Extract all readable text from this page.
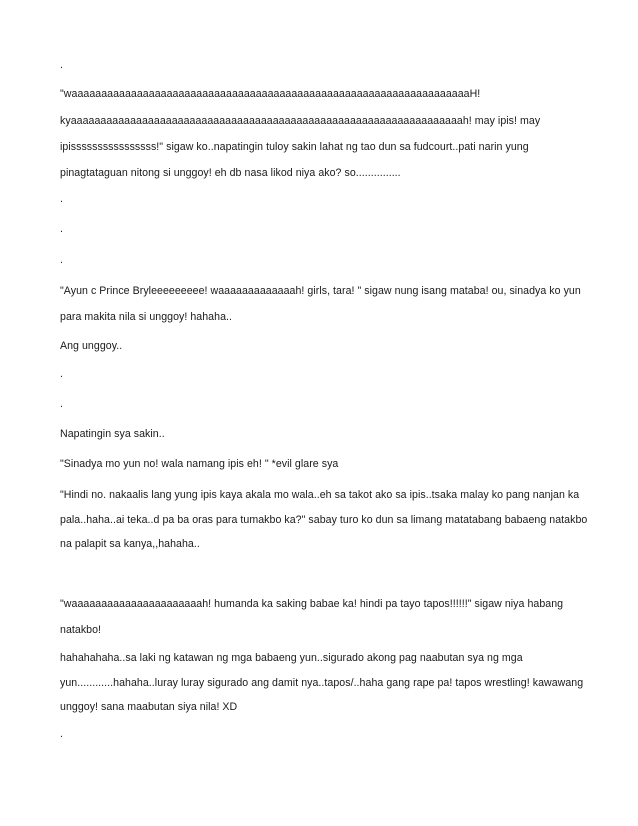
.
"waaaaaaaaaaaaaaaaaaaaaaaaaaaaaaaaaaaaaaaaaaaaaaaaaaaaaaaaaaaaaaaaaaaH!
kyaaaaaaaaaaaaaaaaaaaaaaaaaaaaaaaaaaaaaaaaaaaaaaaaaaaaaaaaaaaaaaaaaah! may ipis! may
ipissssssssssssssss!" sigaw ko..napatingin tuloy sakin lahat ng tao dun sa fudcourt..pati narin yung
pinagtataguan nitong si unggoy! eh db nasa likod niya ako? so...............
.
.
.
"Ayun c Prince Bryleeeeeeeee! waaaaaaaaaaaaah! girls, tara! " sigaw nung isang mataba! ou, sinadya ko yun
para makita nila si unggoy! hahaha..
Ang unggoy..
.
.
Napatingin sya sakin..
"Sinadya mo yun no! wala namang ipis eh! " *evil glare sya
"Hindi no. nakaalis lang yung ipis kaya akala mo wala..eh sa takot ako sa ipis..tsaka malay ko pang nanjan ka
pala..haha..ai teka..d pa ba oras para tumakbo ka?" sabay turo ko dun sa limang matatabang babaeng natakbo
na palapit sa kanya,,hahaha..
"waaaaaaaaaaaaaaaaaaaaaah! humanda ka saking babae ka! hindi pa tayo tapos!!!!!!" sigaw niya habang
natakbo!
hahahahaha..sa laki ng katawan ng mga babaeng yun..sigurado akong pag naabutan sya ng mga
yun............hahaha..luray luray sigurado ang damit nya..tapos/..haha gang rape pa! tapos wrestling! kawawang
unggoy! sana maabutan siya nila! XD
.
